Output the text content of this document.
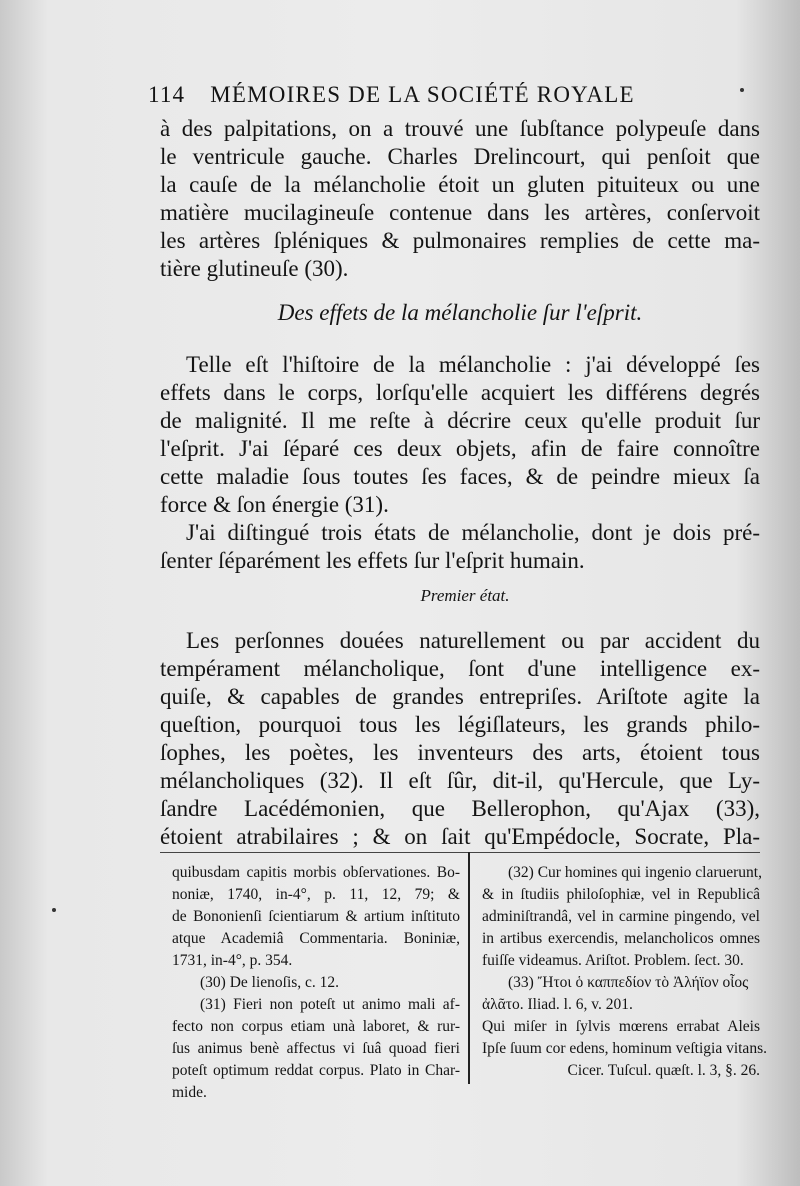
114 MÉMOIRES DE LA SOCIÉTÉ ROYALE
à des palpitations, on a trouvé une ſubſtance polypeuſe dans
le ventricule gauche. Charles Drelincourt, qui penſoit que
la cauſe de la mélancholie étoit un gluten pituiteux ou une
matière mucilagineuſe contenue dans les artères, conſervoit
les artères ſpléniques & pulmonaires remplies de cette ma-
tière glutineuſe (30).
Des effets de la mélancholie ſur l'eſprit.
Telle eſt l'hiſtoire de la mélancholie : j'ai développé ſes
effets dans le corps, lorſqu'elle acquiert les différens degrés
de malignité. Il me reſte à décrire ceux qu'elle produit ſur
l'eſprit. J'ai ſéparé ces deux objets, afin de faire connoître
cette maladie ſous toutes ſes faces, & de peindre mieux ſa
force & ſon énergie (31).
J'ai diſtingué trois états de mélancholie, dont je dois pré-
ſenter ſéparément les effets ſur l'eſprit humain.
Premier état.
Les perſonnes douées naturellement ou par accident du
tempérament mélancholique, ſont d'une intelligence ex-
quiſe, & capables de grandes entrepriſes. Ariſtote agite la
queſtion, pourquoi tous les légiſlateurs, les grands philo-
ſophes, les poètes, les inventeurs des arts, étoient tous
mélancholiques (32). Il eſt ſûr, dit-il, qu'Hercule, que Ly-
ſandre Lacédémonien, que Bellerophon, qu'Ajax (33),
étoient atrabilaires ; & on ſait qu'Empédocle, Socrate, Pla-
quibusdam capitis morbis obſervationes. Bo-
noniæ, 1740, in-4°, p. 11, 12, 79; &
de Bononienſi ſcientiarum & artium inſtituto
atque Academiâ Commentaria. Boniniæ,
1731, in-4°, p. 354.
(30) De lienoſis, c. 12.
(31) Fieri non poteſt ut animo mali af-
fecto non corpus etiam unà laboret, & rur-
ſus animus benè affectus vi ſuâ quoad fieri
poteſt optimum reddat corpus. Plato in Char-
mide.
(32) Cur homines qui ingenio claruerunt,
& in ſtudiis philoſophiæ, vel in Republicâ
adminiſtrandâ, vel in carmine pingendo, vel
in artibus exercendis, melancholicos omnes
fuiſſe videamus. Ariſtot. Problem. ſect. 30.
(33) Ἤτοι ὁ καππεδίον τὸ Ἀλήϊον οἶος
ἀλᾶτο. Iliad. l. 6, v. 201.
Qui miſer in ſylvis mœrens errabat Aleis
Ipſe ſuum cor edens, hominum veſtigia vitans.
Cicer. Tuſcul. quæſt. l. 3, §. 26.
